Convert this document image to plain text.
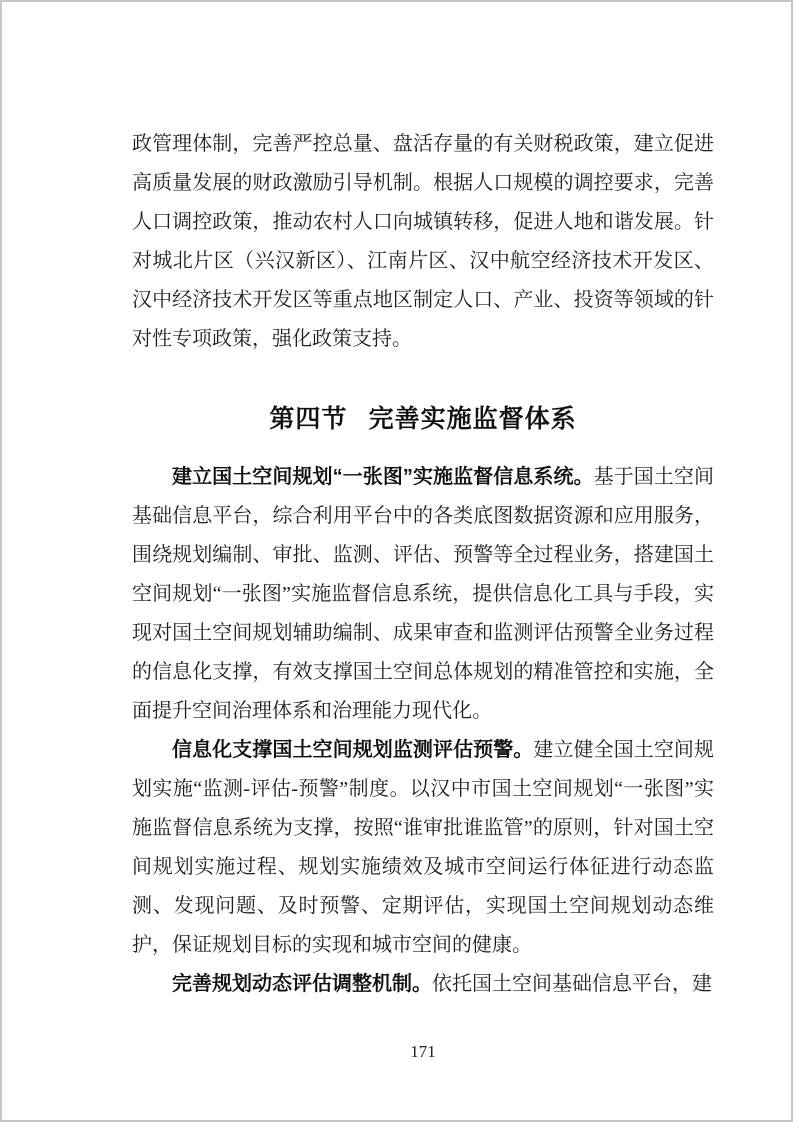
政管理体制，完善严控总量、盘活存量的有关财税政策，建立促进高质量发展的财政激励引导机制。根据人口规模的调控要求，完善人口调控政策，推动农村人口向城镇转移，促进人地和谐发展。针对城北片区（兴汉新区）、江南片区、汉中航空经济技术开发区、汉中经济技术开发区等重点地区制定人口、产业、投资等领域的针对性专项政策，强化政策支持。

第四节 完善实施监督体系

建立国土空间规划“一张图”实施监督信息系统。基于国土空间基础信息平台，综合利用平台中的各类底图数据资源和应用服务，围绕规划编制、审批、监测、评估、预警等全过程业务，搭建国土空间规划“一张图”实施监督信息系统，提供信息化工具与手段，实现对国土空间规划辅助编制、成果审查和监测评估预警全业务过程的信息化支撑，有效支撑国土空间总体规划的精准管控和实施，全面提升空间治理体系和治理能力现代化。

信息化支撑国土空间规划监测评估预警。建立健全国土空间规划实施“监测-评估-预警”制度。以汉中市国土空间规划“一张图”实施监督信息系统为支撑，按照“谁审批谁监管”的原则，针对国土空间规划实施过程、规划实施绩效及城市空间运行体征进行动态监测、发现问题、及时预警、定期评估，实现国土空间规划动态维护，保证规划目标的实现和城市空间的健康。

完善规划动态评估调整机制。依托国土空间基础信息平台，建

171
